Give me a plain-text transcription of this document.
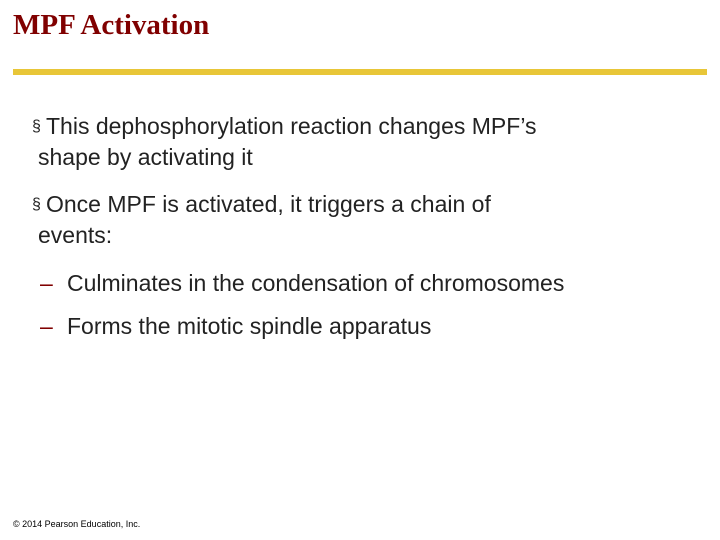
MPF Activation
§ This dephosphorylation reaction changes MPF’s
shape by activating it
§ Once MPF is activated, it triggers a chain of
events:
– Culminates in the condensation of chromosomes
– Forms the mitotic spindle apparatus
© 2014 Pearson Education, Inc.
